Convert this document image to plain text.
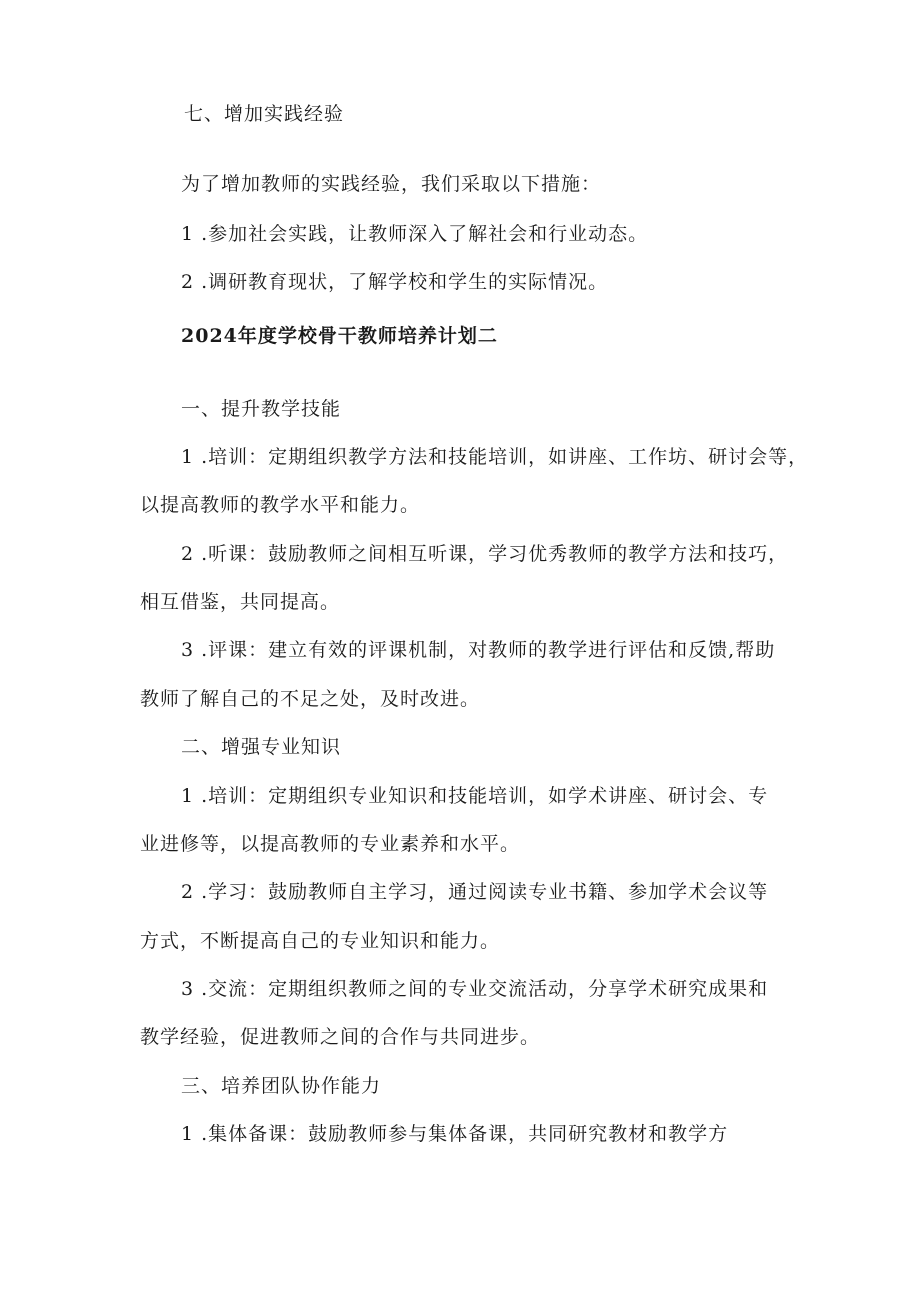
七、增加实践经验
为了增加教师的实践经验，我们采取以下措施：
1 .参加社会实践，让教师深入了解社会和行业动态。
2 .调研教育现状，了解学校和学生的实际情况。
2024年度学校骨干教师培养计划二
一、提升教学技能
1 .培训：定期组织教学方法和技能培训，如讲座、工作坊、研讨会等，
以提高教师的教学水平和能力。
2 .听课：鼓励教师之间相互听课，学习优秀教师的教学方法和技巧，
相互借鉴，共同提高。
3 .评课：建立有效的评课机制，对教师的教学进行评估和反馈,帮助
教师了解自己的不足之处，及时改进。
二、增强专业知识
1 .培训：定期组织专业知识和技能培训，如学术讲座、研讨会、专
业进修等，以提高教师的专业素养和水平。
2 .学习：鼓励教师自主学习，通过阅读专业书籍、参加学术会议等
方式，不断提高自己的专业知识和能力。
3 .交流：定期组织教师之间的专业交流活动，分享学术研究成果和
教学经验，促进教师之间的合作与共同进步。
三、培养团队协作能力
1 .集体备课：鼓励教师参与集体备课，共同研究教材和教学方
